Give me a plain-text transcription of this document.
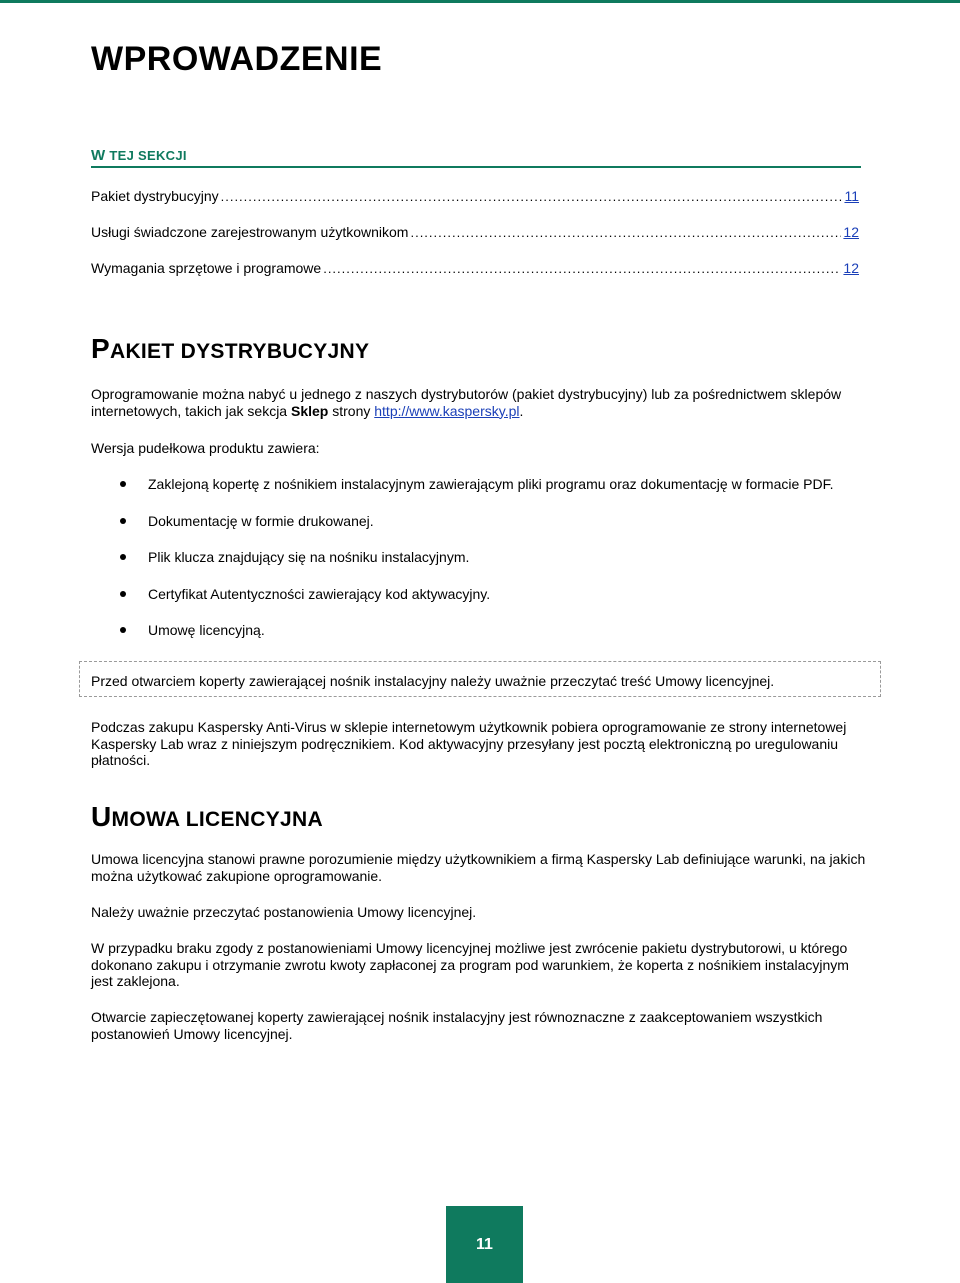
WPROWADZENIE
W TEJ SEKCJI
Pakiet dystrybucyjny .....	11
Usługi świadczone zarejestrowanym użytkownikom .....	12
Wymagania sprzętowe i programowe .....	12
PAKIET DYSTRYBUCYJNY

Oprogramowanie można nabyć u jednego z naszych dystrybutorów (pakiet dystrybucyjny) lub za pośrednictwem sklepów internetowych, takich jak sekcja Sklep strony http://www.kaspersky.pl.

Wersja pudełkowa produktu zawiera:

Zaklejoną kopertę z nośnikiem instalacyjnym zawierającym pliki programu oraz dokumentację w formacie PDF.
Dokumentację w formie drukowanej.
Plik klucza znajdujący się na nośniku instalacyjnym.
Certyfikat Autentyczności zawierający kod aktywacyjny.
Umowę licencyjną.
Przed otwarciem koperty zawierającej nośnik instalacyjny należy uważnie przeczytać treść Umowy licencyjnej.

Podczas zakupu Kaspersky Anti-Virus w sklepie internetowym użytkownik pobiera oprogramowanie ze strony internetowej Kaspersky Lab wraz z niniejszym podręcznikiem. Kod aktywacyjny przesyłany jest pocztą elektroniczną po uregulowaniu płatności.

UMOWA LICENCYJNA

Umowa licencyjna stanowi prawne porozumienie między użytkownikiem a firmą Kaspersky Lab definiujące warunki, na jakich można użytkować zakupione oprogramowanie.

Należy uważnie przeczytać postanowienia Umowy licencyjnej.

W przypadku braku zgody z postanowieniami Umowy licencyjnej możliwe jest zwrócenie pakietu dystrybutorowi, u którego dokonano zakupu i otrzymanie zwrotu kwoty zapłaconej za program pod warunkiem, że koperta z nośnikiem instalacyjnym jest zaklejona.

Otwarcie zapieczętowanej koperty zawierającej nośnik instalacyjny jest równoznaczne z zaakceptowaniem wszystkich postanowień Umowy licencyjnej.

11
